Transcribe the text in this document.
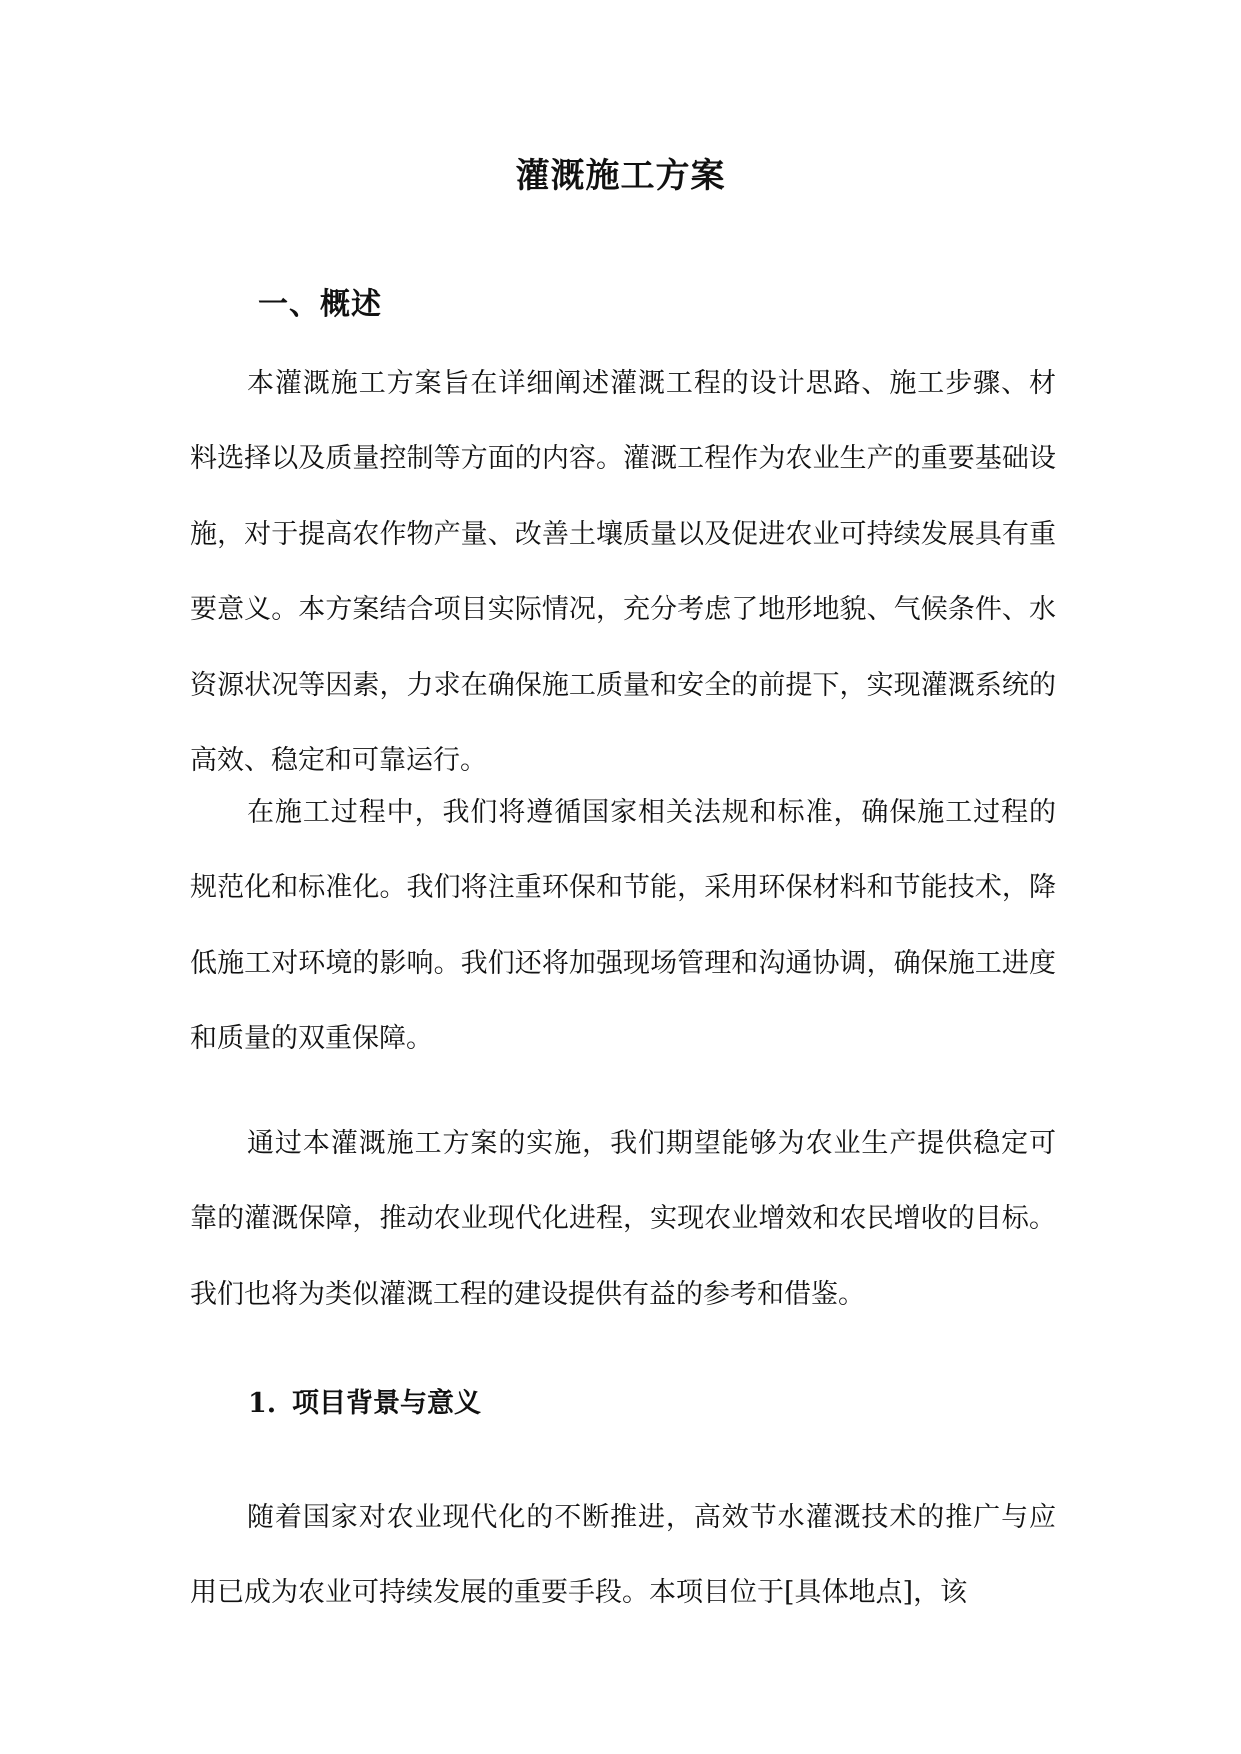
灌溉施工方案
一、概述

本灌溉施工方案旨在详细阐述灌溉工程的设计思路、施工步骤、材料选择以及质量控制等方面的内容。灌溉工程作为农业生产的重要基础设施，对于提高农作物产量、改善土壤质量以及促进农业可持续发展具有重要意义。本方案结合项目实际情况，充分考虑了地形地貌、气候条件、水资源状况等因素，力求在确保施工质量和安全的前提下，实现灌溉系统的高效、稳定和可靠运行。

在施工过程中，我们将遵循国家相关法规和标准，确保施工过程的规范化和标准化。我们将注重环保和节能，采用环保材料和节能技术，降低施工对环境的影响。我们还将加强现场管理和沟通协调，确保施工进度和质量的双重保障。

通过本灌溉施工方案的实施，我们期望能够为农业生产提供稳定可靠的灌溉保障，推动农业现代化进程，实现农业增效和农民增收的目标。我们也将为类似灌溉工程的建设提供有益的参考和借鉴。

1. 项目背景与意义

随着国家对农业现代化的不断推进，高效节水灌溉技术的推广与应用已成为农业可持续发展的重要手段。本项目位于[具体地点]，该
